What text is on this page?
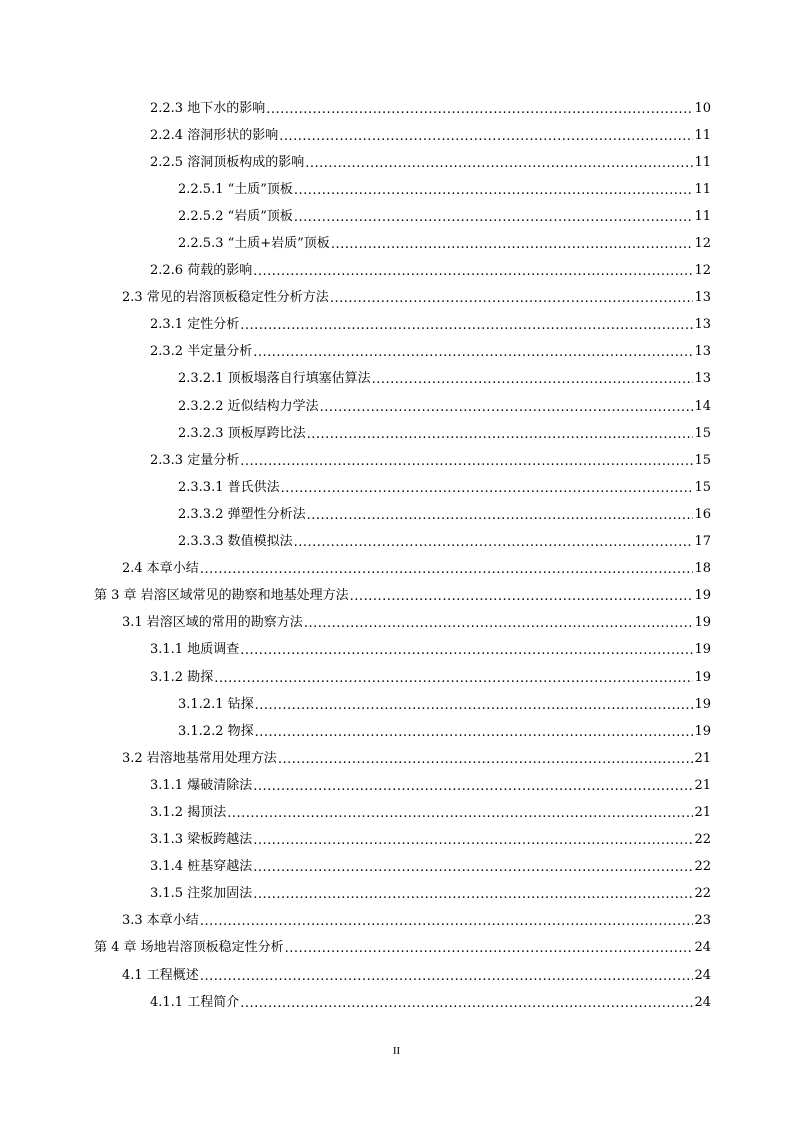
2.2.3 地下水的影响 .....	10
2.2.4 溶洞形状的影响 .....	11
2.2.5 溶洞顶板构成的影响 .....	11
2.2.5.1 “土质”顶板 .....	11
2.2.5.2 “岩质”顶板 .....	11
2.2.5.3 “土质+岩质”顶板 .....	12
2.2.6 荷载的影响 .....	12
2.3 常见的岩溶顶板稳定性分析方法 .....	13
2.3.1 定性分析 .....	13
2.3.2 半定量分析 .....	13
2.3.2.1 顶板塌落自行填塞估算法 .....	13
2.3.2.2 近似结构力学法 .....	14
2.3.2.3 顶板厚跨比法 .....	15
2.3.3 定量分析 .....	15
2.3.3.1 普氏供法 .....	15
2.3.3.2 弹塑性分析法 .....	16
2.3.3.3 数值模拟法 .....	17
2.4 本章小结 .....	18
第 3 章 岩溶区域常见的勘察和地基处理方法 .....	19
3.1 岩溶区域的常用的勘察方法 .....	19
3.1.1 地质调查 .....	19
3.1.2 勘探 .....	19
3.1.2.1 钻探 .....	19
3.1.2.2 物探 .....	19
3.2 岩溶地基常用处理方法 .....	21
3.1.1 爆破清除法 .....	21
3.1.2 揭顶法 .....	21
3.1.3 梁板跨越法 .....	22
3.1.4 桩基穿越法 .....	22
3.1.5 注浆加固法 .....	22
3.3 本章小结 .....	23
第 4 章 场地岩溶顶板稳定性分析 .....	24
4.1 工程概述 .....	24
4.1.1 工程简介 .....	24
II
